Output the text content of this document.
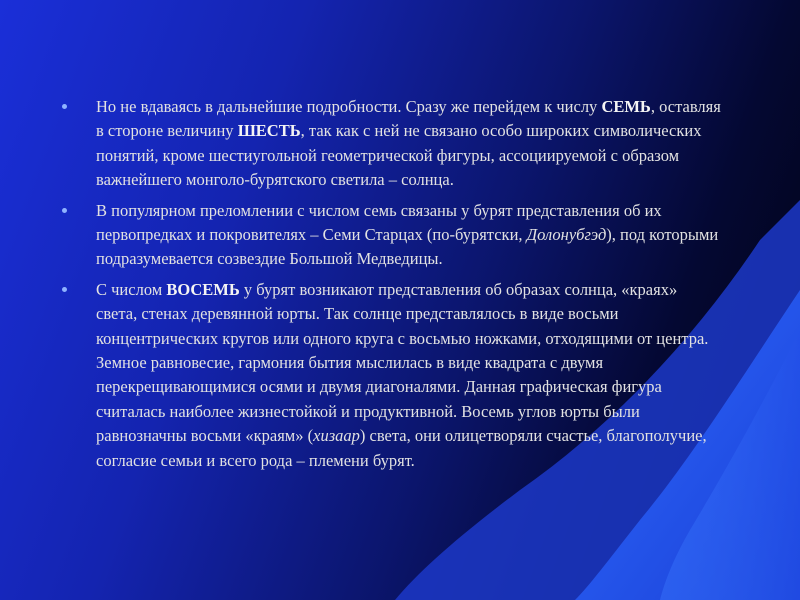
Но не вдаваясь в дальнейшие подробности. Сразу же перейдем к числу СЕМЬ, оставляя в стороне величину ШЕСТЬ, так как с ней не связано особо широких символических понятий, кроме шестиугольной геометрической фигуры, ассоциируемой с образом важнейшего монголо-бурятского светила – солнца.
В популярном преломлении с числом семь связаны у бурят представления об их первопредках и покровителях – Семи Старцах (по-бурятски, Долонубгэд), под которыми подразумевается созвездие Большой Медведицы.
С числом ВОСЕМЬ у бурят возникают представления об образах солнца, «краях» света, стенах деревянной юрты. Так солнце представлялось в виде восьми концентрических кругов или одного круга с восьмью ножками, отходящими от центра. Земное равновесие, гармония бытия мыслилась в виде квадрата с двумя перекрещивающимися осями и двумя диагоналями. Данная графическая фигура считалась наиболее жизнестойкой и продуктивной. Восемь углов юрты были равнозначны восьми «краям» (хизаар) света, они олицетворяли счастье, благополучие, согласие семьи и всего рода – племени бурят.
